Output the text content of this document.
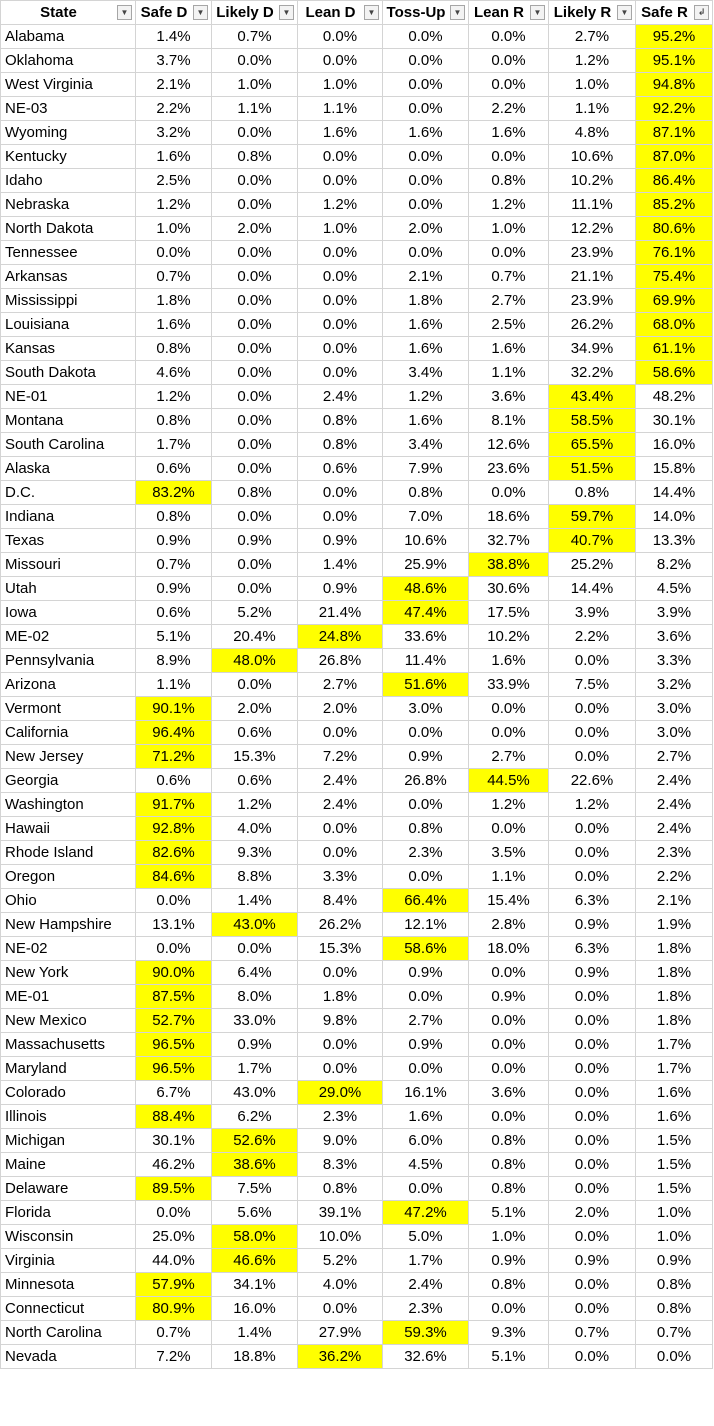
State ▼	Safe D ▼	Likely D ▼	Lean D ▼	Toss-Up ▼	Lean R ▼	Likely R ▼	Safe R ↲

Alabama	1.4%	0.7%	0.0%	0.0%	0.0%	2.7%	95.2%
Oklahoma	3.7%	0.0%	0.0%	0.0%	0.0%	1.2%	95.1%
West Virginia	2.1%	1.0%	1.0%	0.0%	0.0%	1.0%	94.8%
NE-03	2.2%	1.1%	1.1%	0.0%	2.2%	1.1%	92.2%
Wyoming	3.2%	0.0%	1.6%	1.6%	1.6%	4.8%	87.1%
Kentucky	1.6%	0.8%	0.0%	0.0%	0.0%	10.6%	87.0%
Idaho	2.5%	0.0%	0.0%	0.0%	0.8%	10.2%	86.4%
Nebraska	1.2%	0.0%	1.2%	0.0%	1.2%	11.1%	85.2%
North Dakota	1.0%	2.0%	1.0%	2.0%	1.0%	12.2%	80.6%
Tennessee	0.0%	0.0%	0.0%	0.0%	0.0%	23.9%	76.1%
Arkansas	0.7%	0.0%	0.0%	2.1%	0.7%	21.1%	75.4%
Mississippi	1.8%	0.0%	0.0%	1.8%	2.7%	23.9%	69.9%
Louisiana	1.6%	0.0%	0.0%	1.6%	2.5%	26.2%	68.0%
Kansas	0.8%	0.0%	0.0%	1.6%	1.6%	34.9%	61.1%
South Dakota	4.6%	0.0%	0.0%	3.4%	1.1%	32.2%	58.6%
NE-01	1.2%	0.0%	2.4%	1.2%	3.6%	43.4%	48.2%
Montana	0.8%	0.0%	0.8%	1.6%	8.1%	58.5%	30.1%
South Carolina	1.7%	0.0%	0.8%	3.4%	12.6%	65.5%	16.0%
Alaska	0.6%	0.0%	0.6%	7.9%	23.6%	51.5%	15.8%
D.C.	83.2%	0.8%	0.0%	0.8%	0.0%	0.8%	14.4%
Indiana	0.8%	0.0%	0.0%	7.0%	18.6%	59.7%	14.0%
Texas	0.9%	0.9%	0.9%	10.6%	32.7%	40.7%	13.3%
Missouri	0.7%	0.0%	1.4%	25.9%	38.8%	25.2%	8.2%
Utah	0.9%	0.0%	0.9%	48.6%	30.6%	14.4%	4.5%
Iowa	0.6%	5.2%	21.4%	47.4%	17.5%	3.9%	3.9%
ME-02	5.1%	20.4%	24.8%	33.6%	10.2%	2.2%	3.6%
Pennsylvania	8.9%	48.0%	26.8%	11.4%	1.6%	0.0%	3.3%
Arizona	1.1%	0.0%	2.7%	51.6%	33.9%	7.5%	3.2%
Vermont	90.1%	2.0%	2.0%	3.0%	0.0%	0.0%	3.0%
California	96.4%	0.6%	0.0%	0.0%	0.0%	0.0%	3.0%
New Jersey	71.2%	15.3%	7.2%	0.9%	2.7%	0.0%	2.7%
Georgia	0.6%	0.6%	2.4%	26.8%	44.5%	22.6%	2.4%
Washington	91.7%	1.2%	2.4%	0.0%	1.2%	1.2%	2.4%
Hawaii	92.8%	4.0%	0.0%	0.8%	0.0%	0.0%	2.4%
Rhode Island	82.6%	9.3%	0.0%	2.3%	3.5%	0.0%	2.3%
Oregon	84.6%	8.8%	3.3%	0.0%	1.1%	0.0%	2.2%
Ohio	0.0%	1.4%	8.4%	66.4%	15.4%	6.3%	2.1%
New Hampshire	13.1%	43.0%	26.2%	12.1%	2.8%	0.9%	1.9%
NE-02	0.0%	0.0%	15.3%	58.6%	18.0%	6.3%	1.8%
New York	90.0%	6.4%	0.0%	0.9%	0.0%	0.9%	1.8%
ME-01	87.5%	8.0%	1.8%	0.0%	0.9%	0.0%	1.8%
New Mexico	52.7%	33.0%	9.8%	2.7%	0.0%	0.0%	1.8%
Massachusetts	96.5%	0.9%	0.0%	0.9%	0.0%	0.0%	1.7%
Maryland	96.5%	1.7%	0.0%	0.0%	0.0%	0.0%	1.7%
Colorado	6.7%	43.0%	29.0%	16.1%	3.6%	0.0%	1.6%
Illinois	88.4%	6.2%	2.3%	1.6%	0.0%	0.0%	1.6%
Michigan	30.1%	52.6%	9.0%	6.0%	0.8%	0.0%	1.5%
Maine	46.2%	38.6%	8.3%	4.5%	0.8%	0.0%	1.5%
Delaware	89.5%	7.5%	0.8%	0.0%	0.8%	0.0%	1.5%
Florida	0.0%	5.6%	39.1%	47.2%	5.1%	2.0%	1.0%
Wisconsin	25.0%	58.0%	10.0%	5.0%	1.0%	0.0%	1.0%
Virginia	44.0%	46.6%	5.2%	1.7%	0.9%	0.9%	0.9%
Minnesota	57.9%	34.1%	4.0%	2.4%	0.8%	0.0%	0.8%
Connecticut	80.9%	16.0%	0.0%	2.3%	0.0%	0.0%	0.8%
North Carolina	0.7%	1.4%	27.9%	59.3%	9.3%	0.7%	0.7%
Nevada	7.2%	18.8%	36.2%	32.6%	5.1%	0.0%	0.0%
